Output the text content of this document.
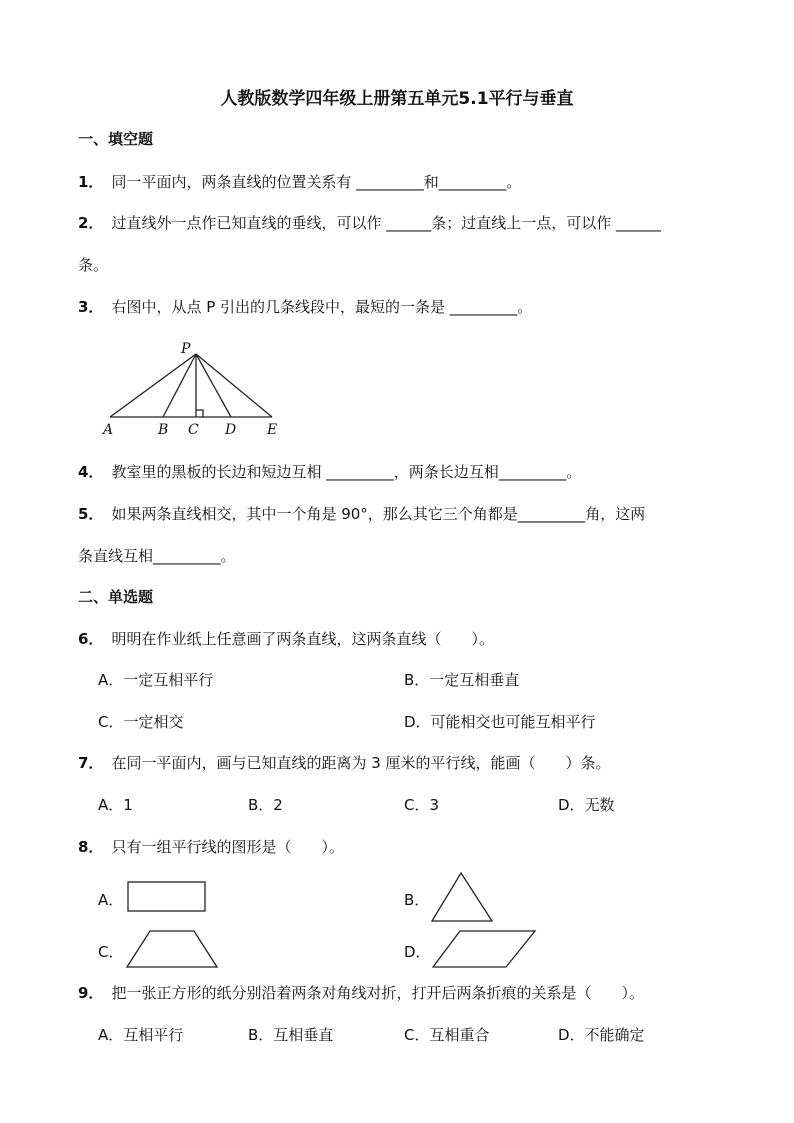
人教版数学四年级上册第五单元5.1平行与垂直
一、填空题
1． 同一平面内，两条直线的位置关系有 _________和_________。
2． 过直线外一点作已知直线的垂线，可以作 ______条；过直线上一点，可以作 ______
条。
3． 右图中，从点 P 引出的几条线段中，最短的一条是 _________。
P
A	B C D E
4． 教室里的黑板的长边和短边互相 _________，两条长边互相_________。
5． 如果两条直线相交，其中一个角是 90°，那么其它三个角都是_________角，这两
条直线互相_________。
二、单选题
6． 明明在作业纸上任意画了两条直线，这两条直线（　　）。
A．一定互相平行	B．一定互相垂直
C．一定相交	D．可能相交也可能互相平行
7． 在同一平面内，画与已知直线的距离为 3 厘米的平行线，能画（　　）条。
A．1	B．2	C．3	D．无数
8． 只有一组平行线的图形是（　　）。
A．	B．
C．	D．
9． 把一张正方形的纸分别沿着两条对角线对折，打开后两条折痕的关系是（　　）。
A．互相平行	B．互相垂直	C．互相重合	D．不能确定
